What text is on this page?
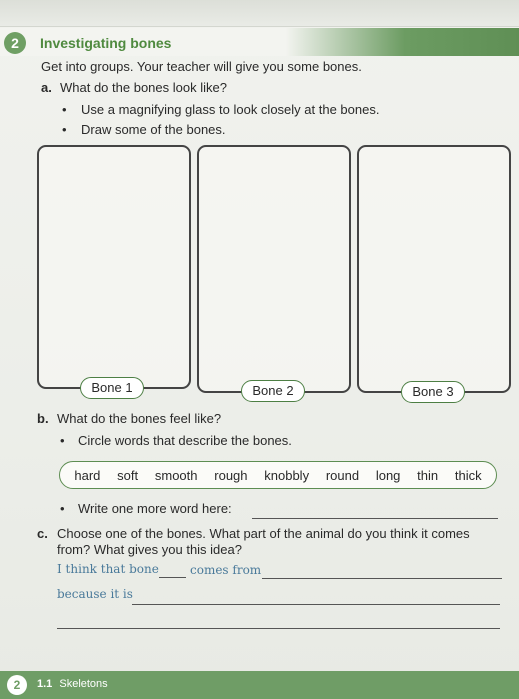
2	Investigating bones
Get into groups. Your teacher will give you some bones.
a. What do the bones look like?
• Use a magnifying glass to look closely at the bones.
• Draw some of the bones.
Bone 1	Bone 2	Bone 3
b. What do the bones feel like?
• Circle words that describe the bones.
hard soft smooth rough knobbly round long thin thick
• Write one more word here:
c. Choose one of the bones. What part of the animal do you think it comes
from? What gives you this idea?
I think that bone	comes from
because it is
2	1.1 Skeletons
